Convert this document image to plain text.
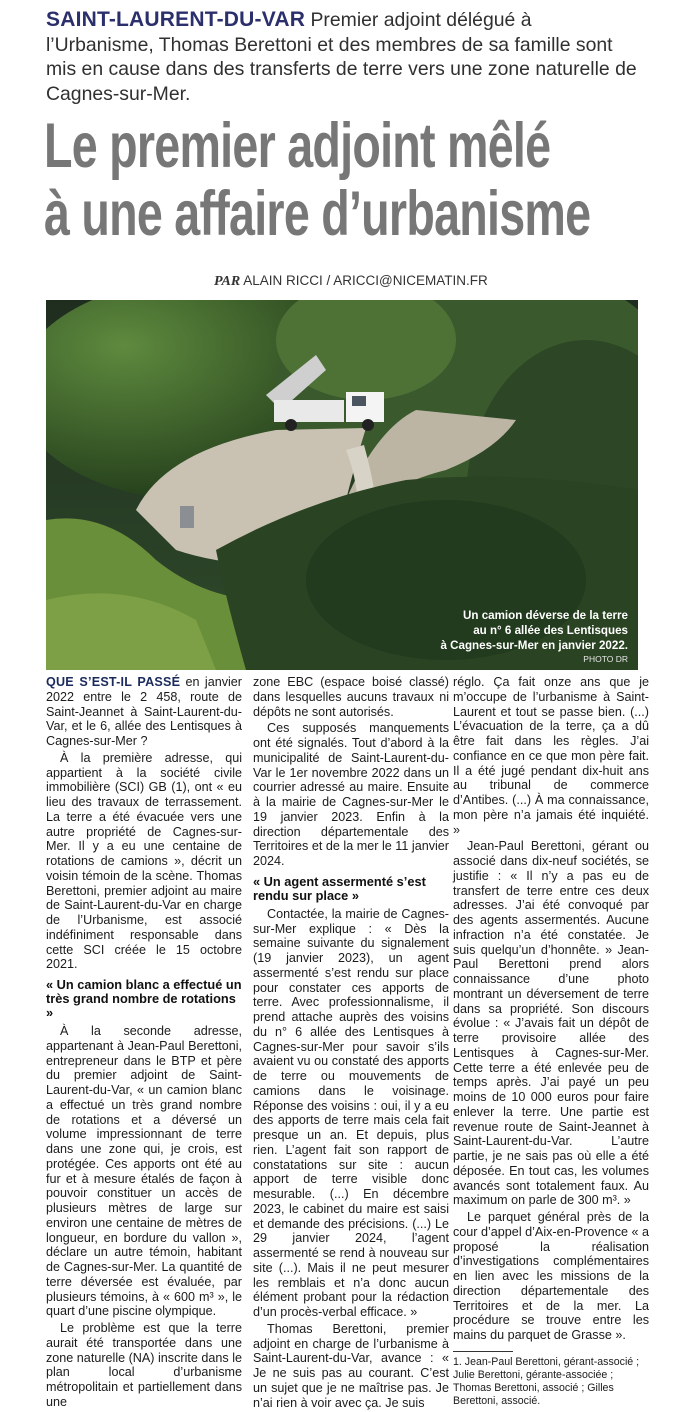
SAINT-LAURENT-DU-VAR Premier adjoint délégué à l’Urbanisme, Thomas Berettoni et des membres de sa famille sont mis en cause dans des transferts de terre vers une zone naturelle de Cagnes-sur-Mer.
Le premier adjoint mêlé
à une affaire d’urbanisme
PAR ALAIN RICCI / ARICCI@NICEMATIN.FR
Un camion déverse de la terre
au n° 6 allée des Lentisques
à Cagnes-sur-Mer en janvier 2022.
PHOTO DR

QUE S’EST-IL PASSÉ en janvier 2022 entre le 2 458, route de Saint-Jeannet à Saint-Laurent-du-Var, et le 6, allée des Lentisques à Cagnes-sur-Mer ?

À la première adresse, qui appartient à la société civile immobilière (SCI) GB (1), ont « eu lieu des travaux de terrassement. La terre a été évacuée vers une autre propriété de Cagnes-sur-Mer. Il y a eu une centaine de rotations de camions », décrit un voisin témoin de la scène. Thomas Berettoni, premier adjoint au maire de Saint-Laurent-du-Var en charge de l’Urbanisme, est associé indéfiniment responsable dans cette SCI créée le 15 octobre 2021.

« Un camion blanc a effectué un très grand nombre de rotations »

À la seconde adresse, appartenant à Jean-Paul Berettoni, entrepreneur dans le BTP et père du premier adjoint de Saint-Laurent-du-Var, « un camion blanc a effectué un très grand nombre de rotations et a déversé un volume impressionnant de terre dans une zone qui, je crois, est protégée. Ces apports ont été au fur et à mesure étalés de façon à pouvoir constituer un accès de plusieurs mètres de large sur environ une centaine de mètres de longueur, en bordure du vallon », déclare un autre témoin, habitant de Cagnes-sur-Mer. La quantité de terre déversée est évaluée, par plusieurs témoins, à « 600 m³ », le quart d’une piscine olympique.

Le problème est que la terre aurait été transportée dans une zone naturelle (NA) inscrite dans le plan local d’urbanisme métropolitain et partiellement dans une

zone EBC (espace boisé classé) dans lesquelles aucuns travaux ni dépôts ne sont autorisés.

Ces supposés manquements ont été signalés. Tout d’abord à la municipalité de Saint-Laurent-du-Var le 1er novembre 2022 dans un courrier adressé au maire. Ensuite à la mairie de Cagnes-sur-Mer le 19 janvier 2023. Enfin à la direction départementale des Territoires et de la mer le 11 janvier 2024.

« Un agent assermenté s’est rendu sur place »

Contactée, la mairie de Cagnes-sur-Mer explique : « Dès la semaine suivante du signalement (19 janvier 2023), un agent assermenté s’est rendu sur place pour constater ces apports de terre. Avec professionnalisme, il prend attache auprès des voisins du n° 6 allée des Lentisques à Cagnes-sur-Mer pour savoir s’ils avaient vu ou constaté des apports de terre ou mouvements de camions dans le voisinage. Réponse des voisins : oui, il y a eu des apports de terre mais cela fait presque un an. Et depuis, plus rien. L’agent fait son rapport de constatations sur site : aucun apport de terre visible donc mesurable. (...) En décembre 2023, le cabinet du maire est saisi et demande des précisions. (...) Le 29 janvier 2024, l’agent assermenté se rend à nouveau sur site (...). Mais il ne peut mesurer les remblais et n’a donc aucun élément probant pour la rédaction d’un procès-verbal efficace. »

Thomas Berettoni, premier adjoint en charge de l’urbanisme à Saint-Laurent-du-Var, avance : « Je ne suis pas au courant. C’est un sujet que je ne maîtrise pas. Je n’ai rien à voir avec ça. Je suis

réglo. Ça fait onze ans que je m’occupe de l’urbanisme à Saint-Laurent et tout se passe bien. (...) L’évacuation de la terre, ça a dû être fait dans les règles. J’ai confiance en ce que mon père fait. Il a été jugé pendant dix-huit ans au tribunal de commerce d’Antibes. (...) À ma connaissance, mon père n’a jamais été inquiété. »

Jean-Paul Berettoni, gérant ou associé dans dix-neuf sociétés, se justifie : « Il n’y a pas eu de transfert de terre entre ces deux adresses. J’ai été convoqué par des agents assermentés. Aucune infraction n’a été constatée. Je suis quelqu’un d’honnête. » Jean-Paul Berettoni prend alors connaissance d’une photo montrant un déversement de terre dans sa propriété. Son discours évolue : « J’avais fait un dépôt de terre provisoire allée des Lentisques à Cagnes-sur-Mer. Cette terre a été enlevée peu de temps après. J’ai payé un peu moins de 10 000 euros pour faire enlever la terre. Une partie est revenue route de Saint-Jeannet à Saint-Laurent-du-Var. L’autre partie, je ne sais pas où elle a été déposée. En tout cas, les volumes avancés sont totalement faux. Au maximum on parle de 300 m³. »

Le parquet général près de la cour d’appel d’Aix-en-Provence « a proposé la réalisation d’investigations complémentaires en lien avec les missions de la direction départementale des Territoires et de la mer. La procédure se trouve entre les mains du parquet de Grasse ».

1. Jean-Paul Berettoni, gérant-associé ; Julie Berettoni, gérante-associée ; Thomas Berettoni, associé ; Gilles Berettoni, associé.
